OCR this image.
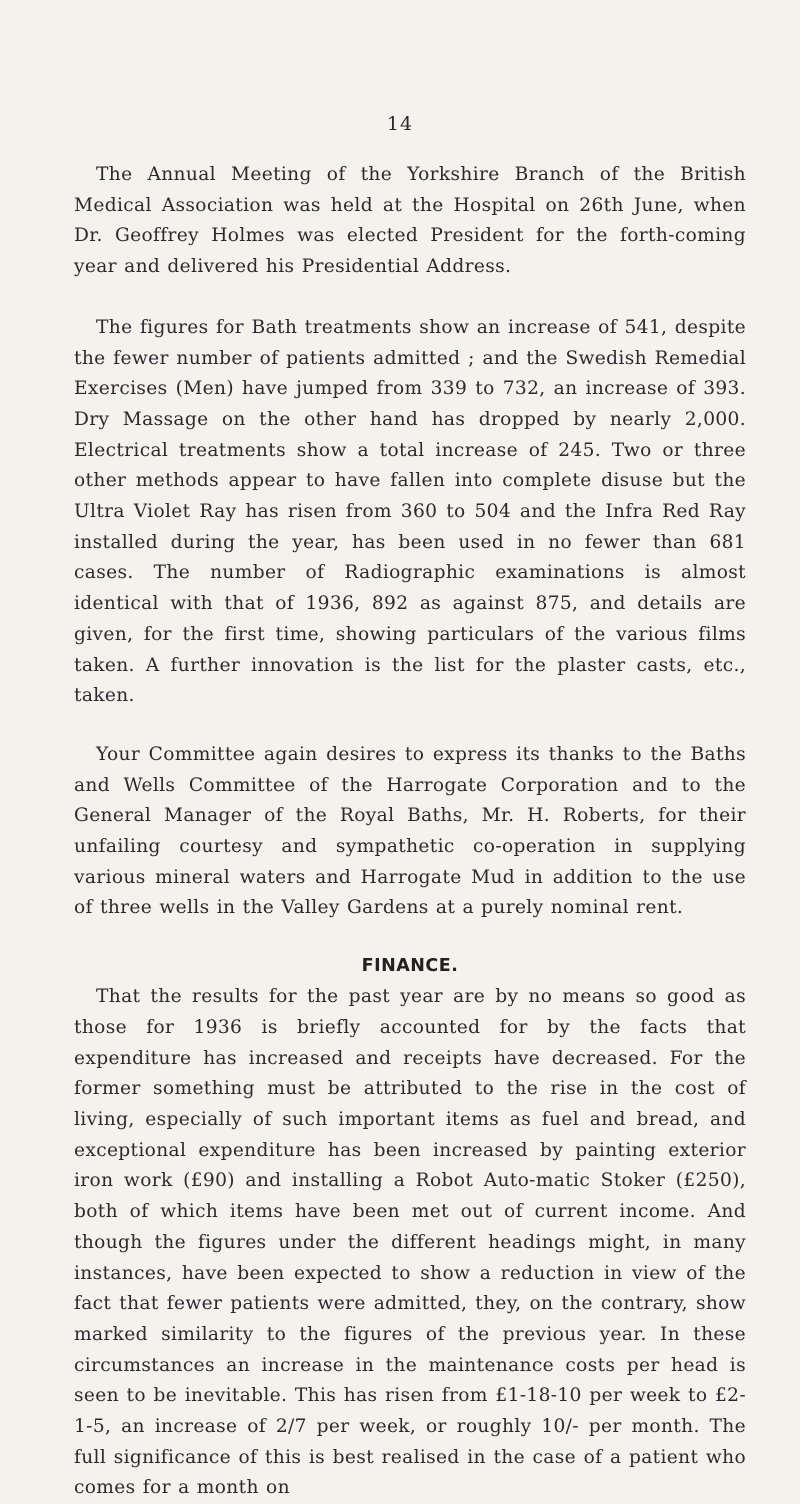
14

The Annual Meeting of the Yorkshire Branch of the British Medical Association was held at the Hospital on 26th June, when Dr. Geoffrey Holmes was elected President for the forth-coming year and delivered his Presidential Address.

The figures for Bath treatments show an increase of 541, despite the fewer number of patients admitted ; and the Swedish Remedial Exercises (Men) have jumped from 339 to 732, an increase of 393. Dry Massage on the other hand has dropped by nearly 2,000. Electrical treatments show a total increase of 245. Two or three other methods appear to have fallen into complete disuse but the Ultra Violet Ray has risen from 360 to 504 and the Infra Red Ray installed during the year, has been used in no fewer than 681 cases. The number of Radiographic examinations is almost identical with that of 1936, 892 as against 875, and details are given, for the first time, showing particulars of the various films taken. A further innovation is the list for the plaster casts, etc., taken.

Your Committee again desires to express its thanks to the Baths and Wells Committee of the Harrogate Corporation and to the General Manager of the Royal Baths, Mr. H. Roberts, for their unfailing courtesy and sympathetic co-operation in supplying various mineral waters and Harrogate Mud in addition to the use of three wells in the Valley Gardens at a purely nominal rent.

FINANCE.

That the results for the past year are by no means so good as those for 1936 is briefly accounted for by the facts that expenditure has increased and receipts have decreased. For the former something must be attributed to the rise in the cost of living, especially of such important items as fuel and bread, and exceptional expenditure has been increased by painting exterior iron work (£90) and installing a Robot Auto-matic Stoker (£250), both of which items have been met out of current income. And though the figures under the different headings might, in many instances, have been expected to show a reduction in view of the fact that fewer patients were admitted, they, on the contrary, show marked similarity to the figures of the previous year. In these circumstances an increase in the maintenance costs per head is seen to be inevitable. This has risen from £1-18-10 per week to £2-1-5, an increase of 2/7 per week, or roughly 10/- per month. The full significance of this is best realised in the case of a patient who comes for a month on
